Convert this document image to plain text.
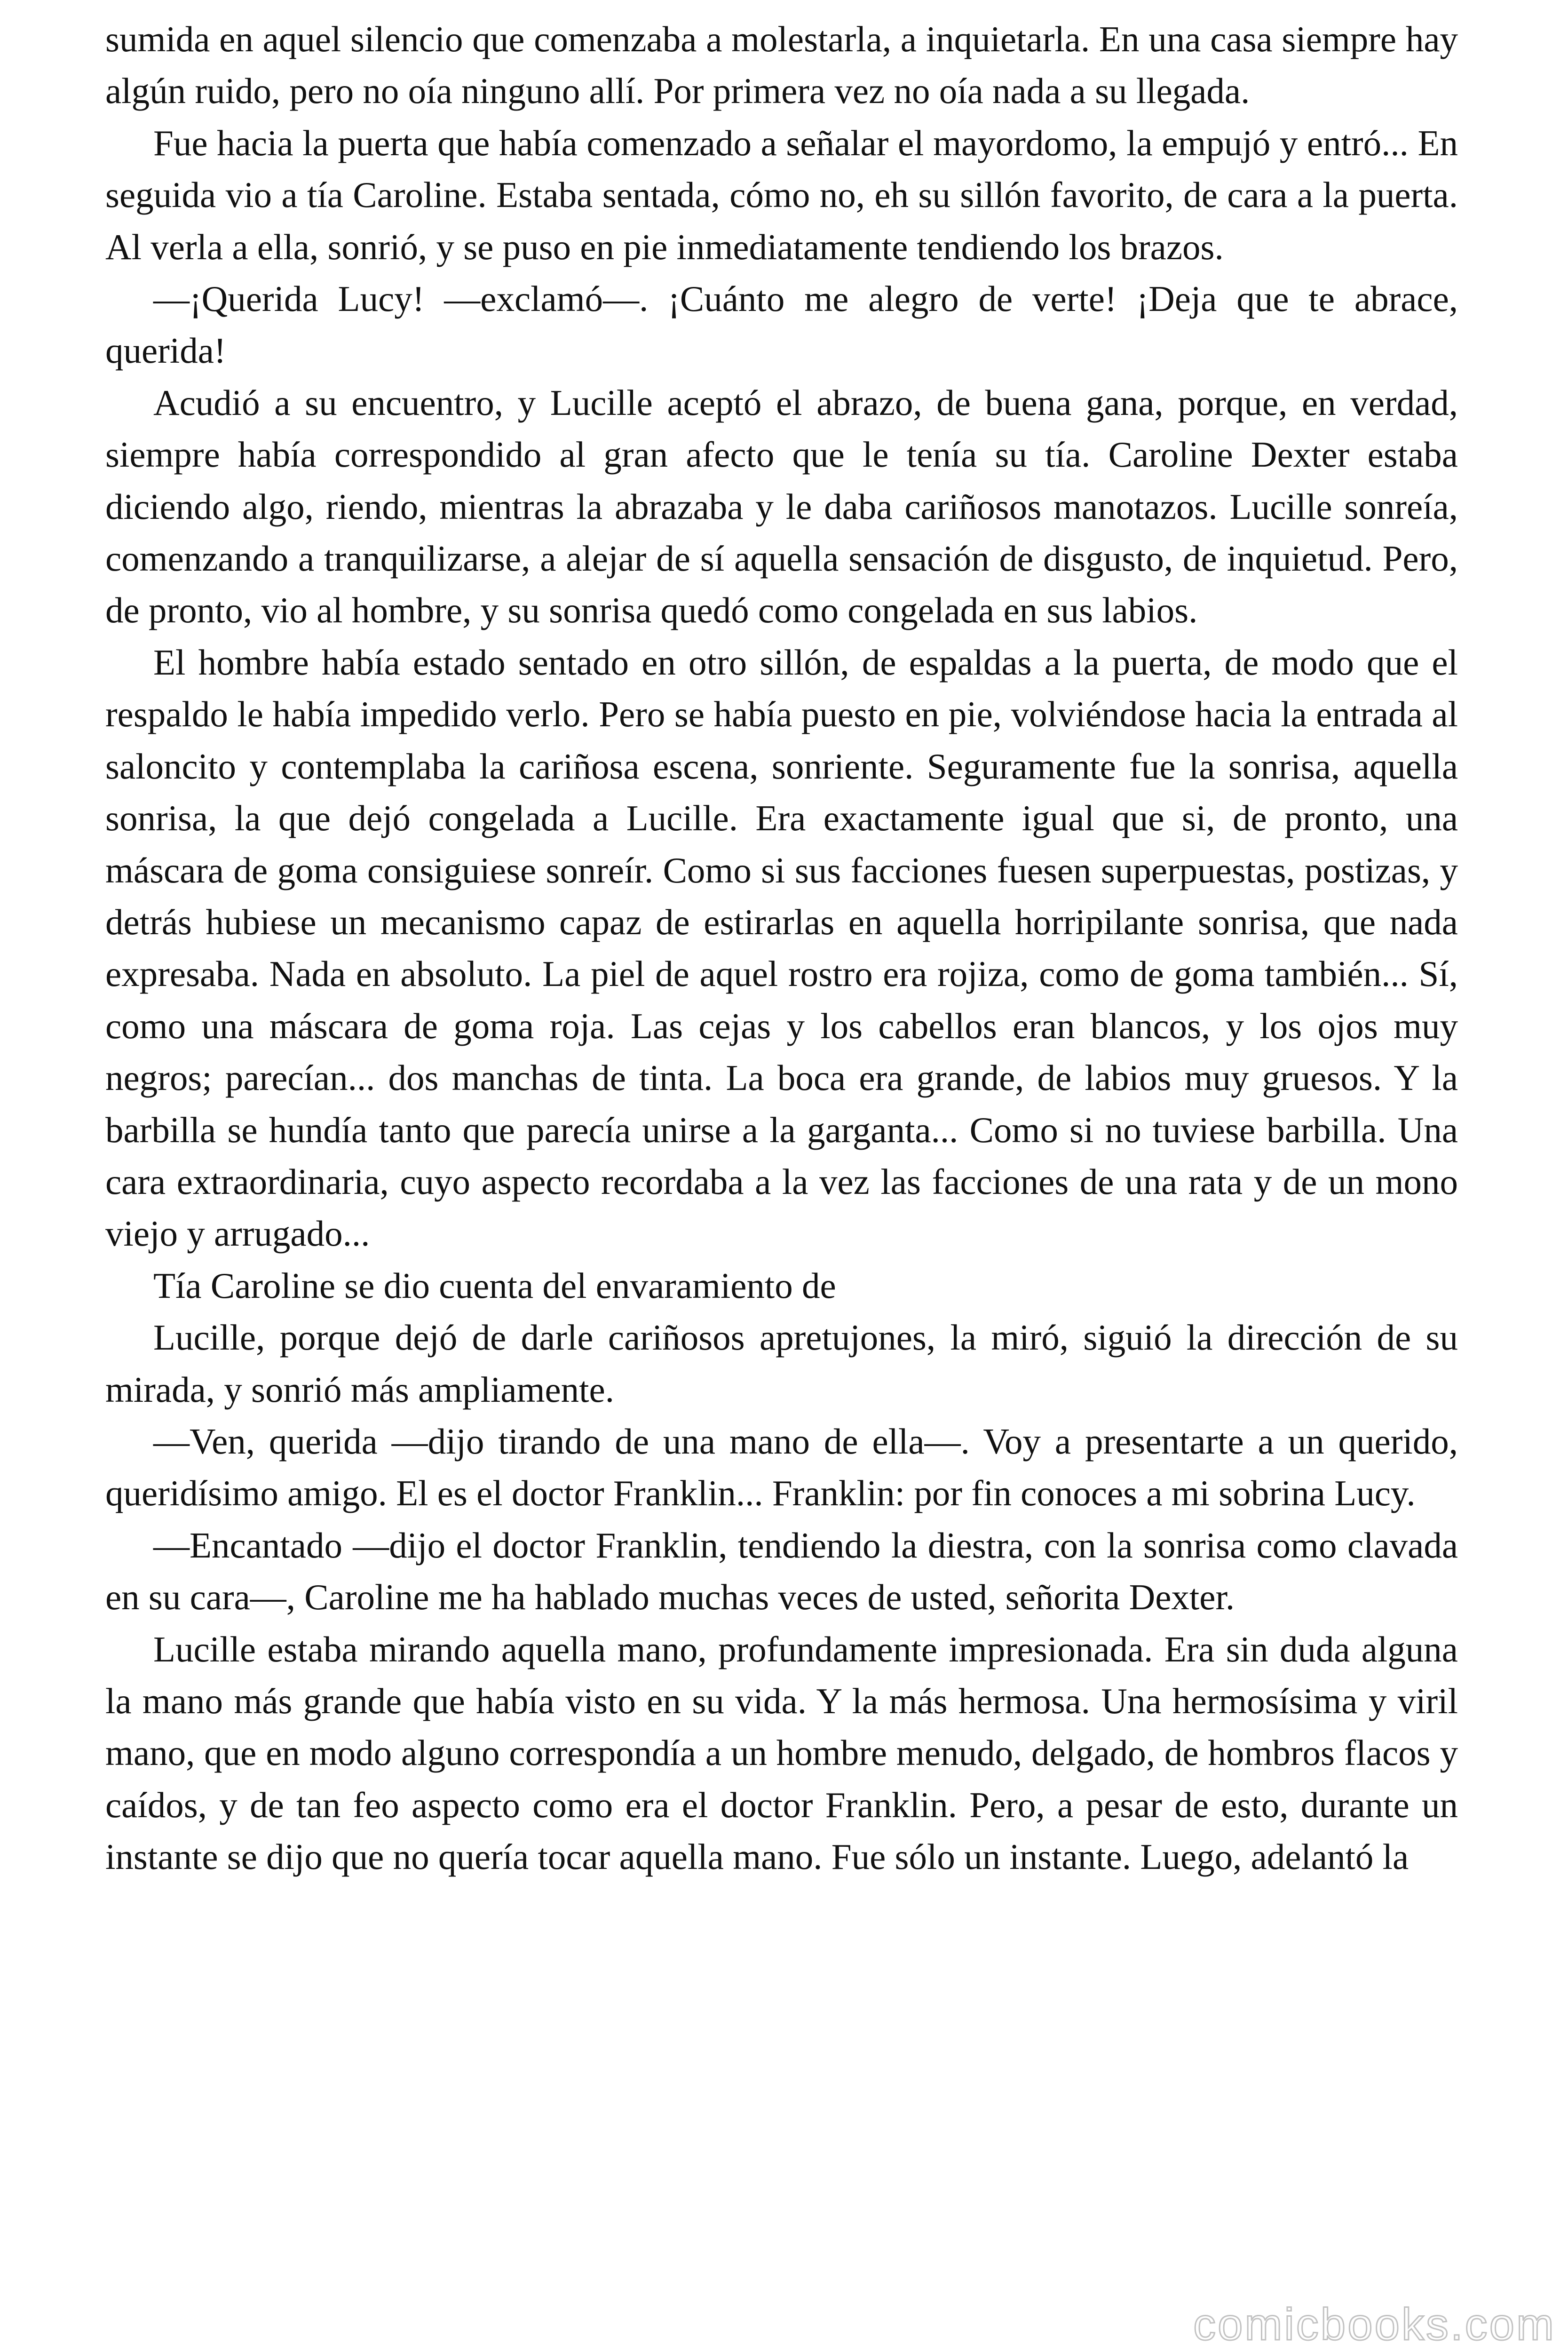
sumida en aquel silencio que comenzaba a molestarla, a inquietarla. En una casa siempre hay algún ruido, pero no oía ninguno allí. Por primera vez no oía nada a su llegada.

Fue hacia la puerta que había comenzado a señalar el mayordomo, la empujó y entró... En seguida vio a tía Caroline. Estaba sentada, cómo no, eh su sillón favorito, de cara a la puerta. Al verla a ella, sonrió, y se puso en pie inmediatamente tendiendo los brazos.

—¡Querida Lucy! —exclamó—. ¡Cuánto me alegro de verte! ¡Deja que te abrace, querida!

Acudió a su encuentro, y Lucille aceptó el abrazo, de buena gana, porque, en verdad, siempre había correspondido al gran afecto que le tenía su tía. Caroline Dexter estaba diciendo algo, riendo, mientras la abrazaba y le daba cariñosos manotazos. Lucille sonreía, comenzando a tranquilizarse, a alejar de sí aquella sensación de disgusto, de inquietud. Pero, de pronto, vio al hombre, y su sonrisa quedó como congelada en sus labios.

El hombre había estado sentado en otro sillón, de espaldas a la puerta, de modo que el respaldo le había impedido verlo. Pero se había puesto en pie, volviéndose hacia la entrada al saloncito y contemplaba la cariñosa escena, sonriente. Seguramente fue la sonrisa, aquella sonrisa, la que dejó congelada a Lucille. Era exactamente igual que si, de pronto, una máscara de goma consiguiese sonreír. Como si sus facciones fuesen superpuestas, postizas, y detrás hubiese un mecanismo capaz de estirarlas en aquella horripilante sonrisa, que nada expresaba. Nada en absoluto. La piel de aquel rostro era rojiza, como de goma también... Sí, como una máscara de goma roja. Las cejas y los cabellos eran blancos, y los ojos muy negros; parecían... dos manchas de tinta. La boca era grande, de labios muy gruesos. Y la barbilla se hundía tanto que parecía unirse a la garganta... Como si no tuviese barbilla. Una cara extraordinaria, cuyo aspecto recordaba a la vez las facciones de una rata y de un mono viejo y arrugado...

Tía Caroline se dio cuenta del envaramiento de

Lucille, porque dejó de darle cariñosos apretujones, la miró, siguió la dirección de su mirada, y sonrió más ampliamente.

—Ven, querida —dijo tirando de una mano de ella—. Voy a presentarte a un querido, queridísimo amigo. El es el doctor Franklin... Franklin: por fin conoces a mi sobrina Lucy.

—Encantado —dijo el doctor Franklin, tendiendo la diestra, con la sonrisa como clavada en su cara—, Caroline me ha hablado muchas veces de usted, señorita Dexter.

Lucille estaba mirando aquella mano, profundamente impresionada. Era sin duda alguna la mano más grande que había visto en su vida. Y la más hermosa. Una hermosísima y viril mano, que en modo alguno correspondía a un hombre menudo, delgado, de hombros flacos y caídos, y de tan feo aspecto como era el doctor Franklin. Pero, a pesar de esto, durante un instante se dijo que no quería tocar aquella mano. Fue sólo un instante. Luego, adelantó la

comicbooks.com
